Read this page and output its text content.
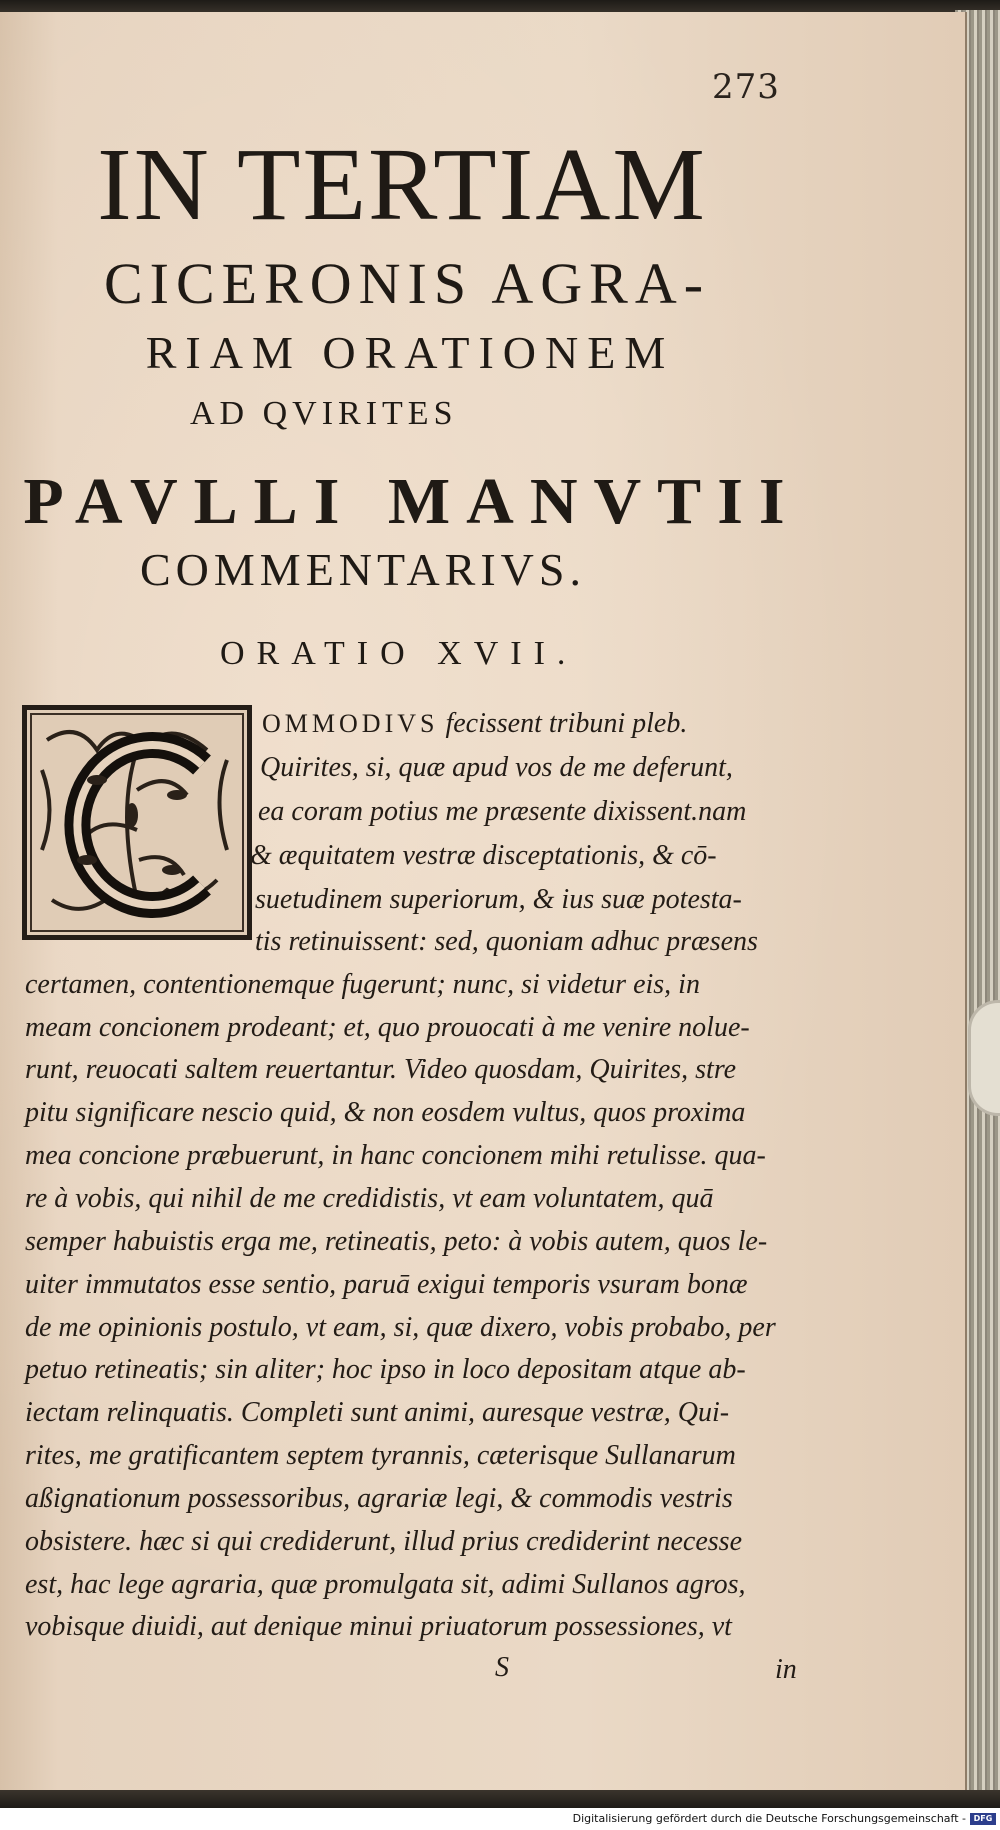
273
IN TERTIAM
CICERONIS AGRA-
RIAM ORATIONEM
AD QVIRITES
PAVLLI MANVTII
COMMENTARIVS.
ORATIO XVII.
OMMODIVS fecissent tribuni pleb.
Quirites, si, quæ apud vos de me deferunt,
ea coram potius me præsente dixissent.nam
& æquitatem vestræ disceptationis, & cō-
suetudinem superiorum, & ius suæ potesta-
tis retinuissent: sed, quoniam adhuc præsens
certamen, contentionemque fugerunt; nunc, si videtur eis, in
meam concionem prodeant; et, quo prouocati à me venire nolue-
runt, reuocati saltem reuertantur. Video quosdam, Quirites, stre
pitu significare nescio quid, & non eosdem vultus, quos proxima
mea concione præbuerunt, in hanc concionem mihi retulisse. qua-
re à vobis, qui nihil de me credidistis, vt eam voluntatem, quā
semper habuistis erga me, retineatis, peto: à vobis autem, quos le-
uiter immutatos esse sentio, paruā exigui temporis vsuram bonæ
de me opinionis postulo, vt eam, si, quæ dixero, vobis probabo, per
petuo retineatis; sin aliter; hoc ipso in loco depositam atque ab-
iectam relinquatis. Completi sunt animi, auresque vestræ, Qui-
rites, me gratificantem septem tyrannis, cæterisque Sullanarum
aßignationum possessoribus, agrariæ legi, & commodis vestris
obsistere. hæc si qui crediderunt, illud prius crediderint necesse
est, hac lege agraria, quæ promulgata sit, adimi Sullanos agros,
vobisque diuidi, aut denique minui priuatorum possessiones, vt
S	in
Digitalisierung gefördert durch die Deutsche Forschungsgemeinschaft - DFG
